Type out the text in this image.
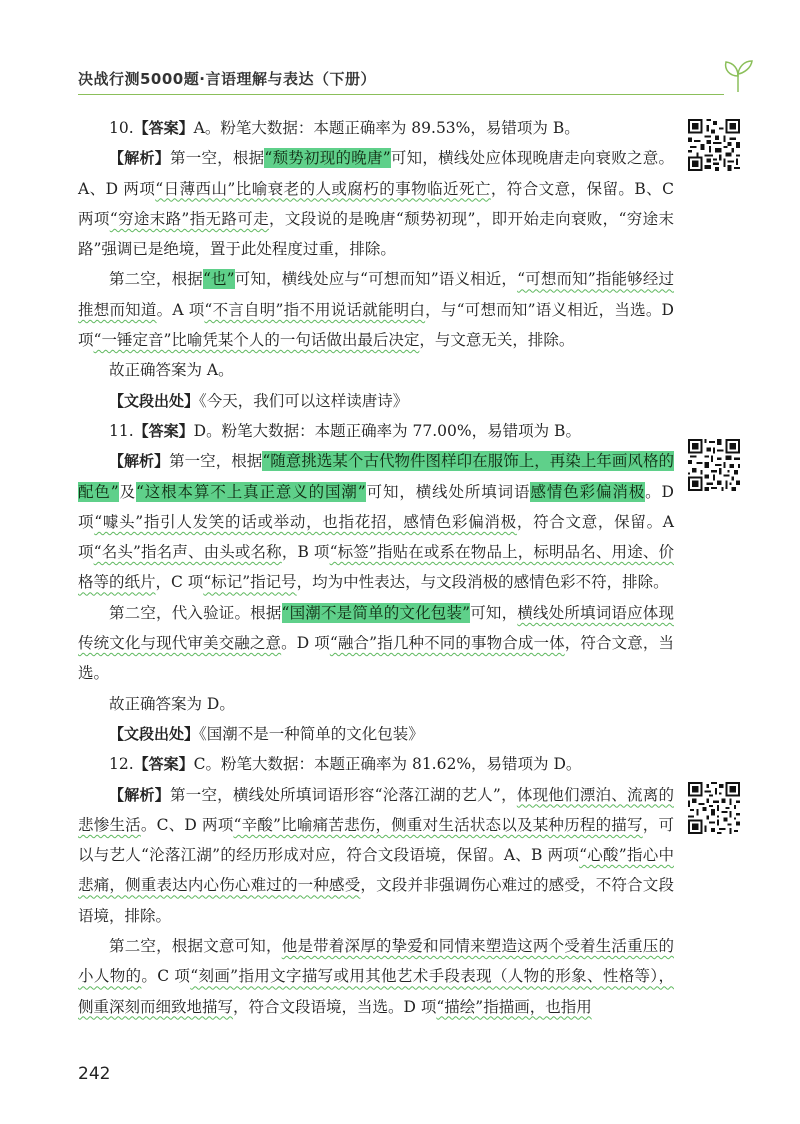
决战行测5000题·言语理解与表达（下册）

10.【答案】A。粉笔大数据：本题正确率为 89.53%，易错项为 B。

【解析】第一空，根据“颓势初现的晚唐”可知，横线处应体现晚唐走向衰败之意。A、D 两项“日薄西山”比喻衰老的人或腐朽的事物临近死亡，符合文意，保留。B、C 两项“穷途末路”指无路可走，文段说的是晚唐“颓势初现”，即开始走向衰败，“穷途末路”强调已是绝境，置于此处程度过重，排除。

第二空，根据“也”可知，横线处应与“可想而知”语义相近，“可想而知”指能够经过推想而知道。A 项“不言自明”指不用说话就能明白，与“可想而知”语义相近，当选。D 项“一锤定音”比喻凭某个人的一句话做出最后决定，与文意无关，排除。

故正确答案为 A。

【文段出处】《今天，我们可以这样读唐诗》

11.【答案】D。粉笔大数据：本题正确率为 77.00%，易错项为 B。

【解析】第一空，根据“随意挑选某个古代物件图样印在服饰上，再染上年画风格的配色”及“这根本算不上真正意义的国潮”可知，横线处所填词语感情色彩偏消极。D 项“噱头”指引人发笑的话或举动，也指花招，感情色彩偏消极，符合文意，保留。A 项“名头”指名声、由头或名称，B 项“标签”指贴在或系在物品上，标明品名、用途、价格等的纸片，C 项“标记”指记号，均为中性表达，与文段消极的感情色彩不符，排除。

第二空，代入验证。根据“国潮不是简单的文化包装”可知，横线处所填词语应体现传统文化与现代审美交融之意。D 项“融合”指几种不同的事物合成一体，符合文意，当选。

故正确答案为 D。

【文段出处】《国潮不是一种简单的文化包装》

12.【答案】C。粉笔大数据：本题正确率为 81.62%，易错项为 D。

【解析】第一空，横线处所填词语形容“沦落江湖的艺人”，体现他们漂泊、流离的悲惨生活。C、D 两项“辛酸”比喻痛苦悲伤，侧重对生活状态以及某种历程的描写，可以与艺人“沦落江湖”的经历形成对应，符合文段语境，保留。A、B 两项“心酸”指心中悲痛，侧重表达内心伤心难过的一种感受，文段并非强调伤心难过的感受，不符合文段语境，排除。

第二空，根据文意可知，他是带着深厚的挚爱和同情来塑造这两个受着生活重压的小人物的。C 项“刻画”指用文字描写或用其他艺术手段表现（人物的形象、性格等），侧重深刻而细致地描写，符合文段语境，当选。D 项“描绘”指描画，也指用

242
